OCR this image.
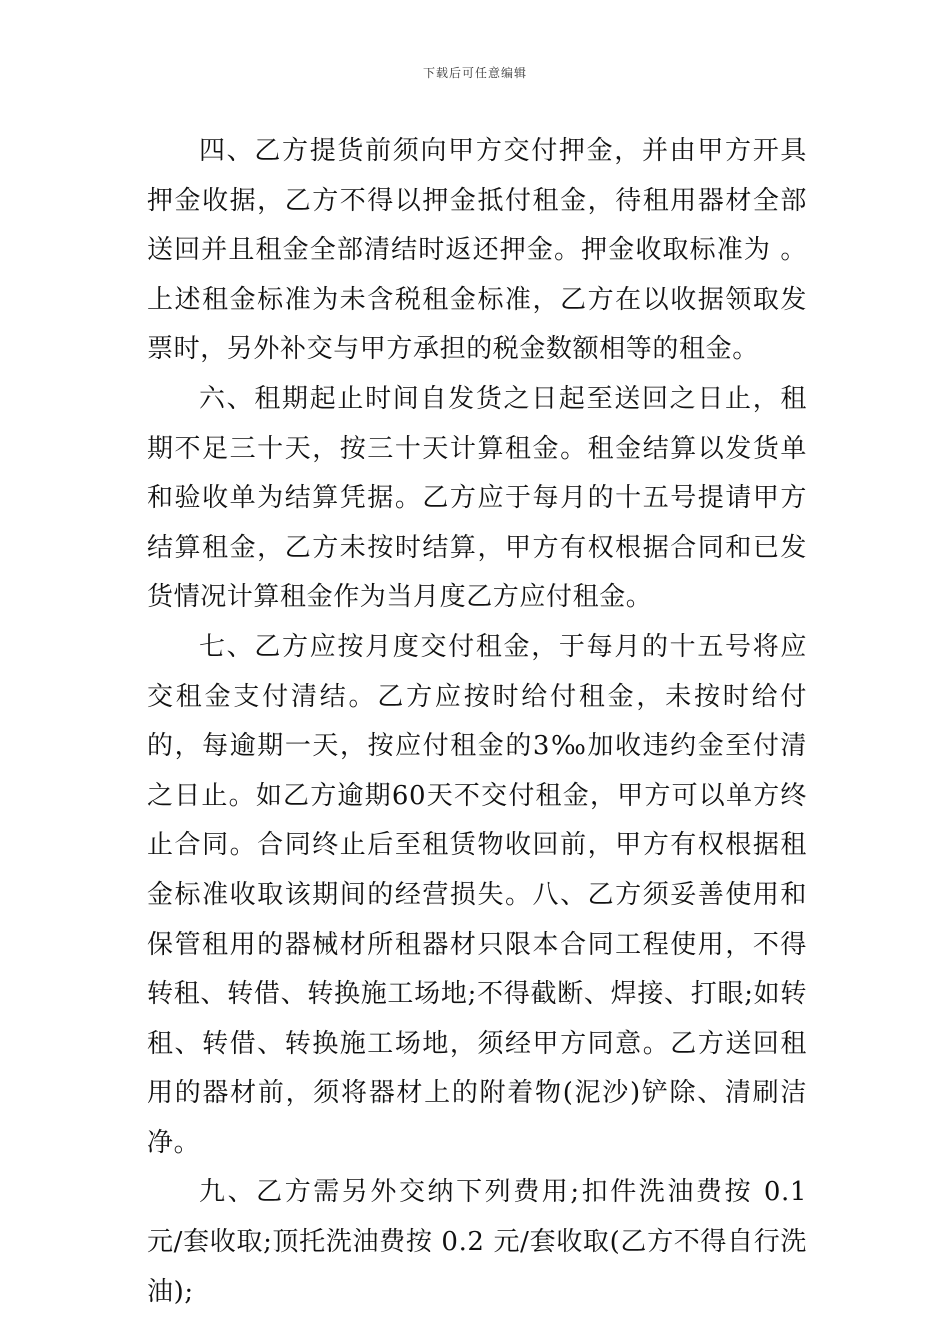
下载后可任意编辑

四、乙方提货前须向甲方交付押金，并由甲方开具押金收据，乙方不得以押金抵付租金，待租用器材全部送回并且租金全部清结时返还押金。押金收取标准为 。上述租金标准为未含税租金标准，乙方在以收据领取发票时，另外补交与甲方承担的税金数额相等的租金。

六、租期起止时间自发货之日起至送回之日止，租期不足三十天，按三十天计算租金。租金结算以发货单和验收单为结算凭据。乙方应于每月的十五号提请甲方结算租金，乙方未按时结算，甲方有权根据合同和已发货情况计算租金作为当月度乙方应付租金。

七、乙方应按月度交付租金，于每月的十五号将应交租金支付清结。乙方应按时给付租金，未按时给付的，每逾期一天，按应付租金的3‰加收违约金至付清之日止。如乙方逾期60天不交付租金，甲方可以单方终止合同。合同终止后至租赁物收回前，甲方有权根据租金标准收取该期间的经营损失。八、乙方须妥善使用和保管租用的器械材所租器材只限本合同工程使用，不得转租、转借、转换施工场地;不得截断、焊接、打眼;如转租、转借、转换施工场地，须经甲方同意。乙方送回租用的器材前，须将器材上的附着物(泥沙)铲除、清刷洁净。

九、乙方需另外交纳下列费用;扣件洗油费按 0.1 元/套收取;顶托洗油费按 0.2 元/套收取(乙方不得自行洗油);
